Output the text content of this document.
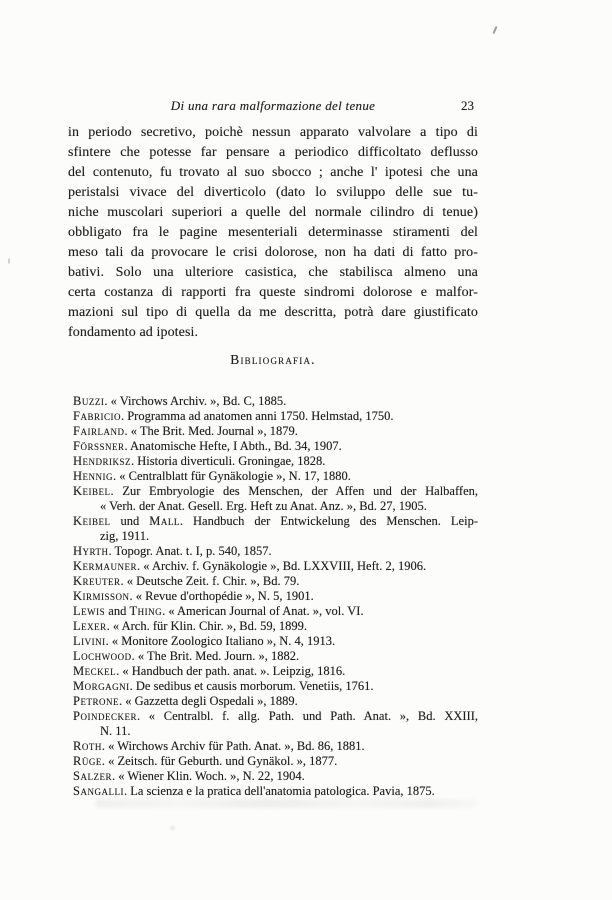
Di una rara malformazione del tenue	23
in periodo secretivo, poichè nessun apparato valvolare a tipo di
sfintere che potesse far pensare a periodico difficoltato deflusso
del contenuto, fu trovato al suo sbocco ; anche l' ipotesi che una
peristalsi vivace del diverticolo (dato lo sviluppo delle sue tu-
niche muscolari superiori a quelle del normale cilindro di tenue)
obbligato fra le pagine mesenteriali determinasse stiramenti del
meso tali da provocare le crisi dolorose, non ha dati di fatto pro-
bativi. Solo una ulteriore casistica, che stabilisca almeno una
certa costanza di rapporti fra queste sindromi dolorose e malfor-
mazioni sul tipo di quella da me descritta, potrà dare giustificato
fondamento ad ipotesi.
Bibliografia.
Buzzi. « Virchows Archiv. », Bd. C, 1885.
Fabricio. Programma ad anatomen anni 1750. Helmstad, 1750.
Fairland. « The Brit. Med. Journal », 1879.
Förssner. Anatomische Hefte, I Abth., Bd. 34, 1907.
Hendriksz. Historia diverticuli. Groningae, 1828.
Hennig. « Centralblatt für Gynäkologie », N. 17, 1880.
Keibel. Zur Embryologie des Menschen, der Affen und der Halbaffen,
« Verh. der Anat. Gesell. Erg. Heft zu Anat. Anz. », Bd. 27, 1905.
Keibel und Mall. Handbuch der Entwickelung des Menschen. Leip-
zig, 1911.
Hyrth. Topogr. Anat. t. I, p. 540, 1857.
Kermauner. « Archiv. f. Gynäkologie », Bd. LXXVIII, Heft. 2, 1906.
Kreuter. « Deutsche Zeit. f. Chir. », Bd. 79.
Kirmisson. « Revue d'orthopédie », N. 5, 1901.
Lewis and Thing. « American Journal of Anat. », vol. VI.
Lexer. « Arch. für Klin. Chir. », Bd. 59, 1899.
Livini. « Monitore Zoologico Italiano », N. 4, 1913.
Lochwood. « The Brit. Med. Journ. », 1882.
Meckel. « Handbuch der path. anat. ». Leipzig, 1816.
Morgagni. De sedibus et causis morborum. Venetiis, 1761.
Petrone. « Gazzetta degli Ospedali », 1889.
Poindecker. « Centralbl. f. allg. Path. und Path. Anat. », Bd. XXIII,
N. 11.
Roth. « Wirchows Archiv für Path. Anat. », Bd. 86, 1881.
Rüge. « Zeitsch. für Geburth. und Gynäkol. », 1877.
Salzer. « Wiener Klin. Woch. », N. 22, 1904.
Sangalli. La scienza e la pratica dell'anatomia patologica. Pavia, 1875.
